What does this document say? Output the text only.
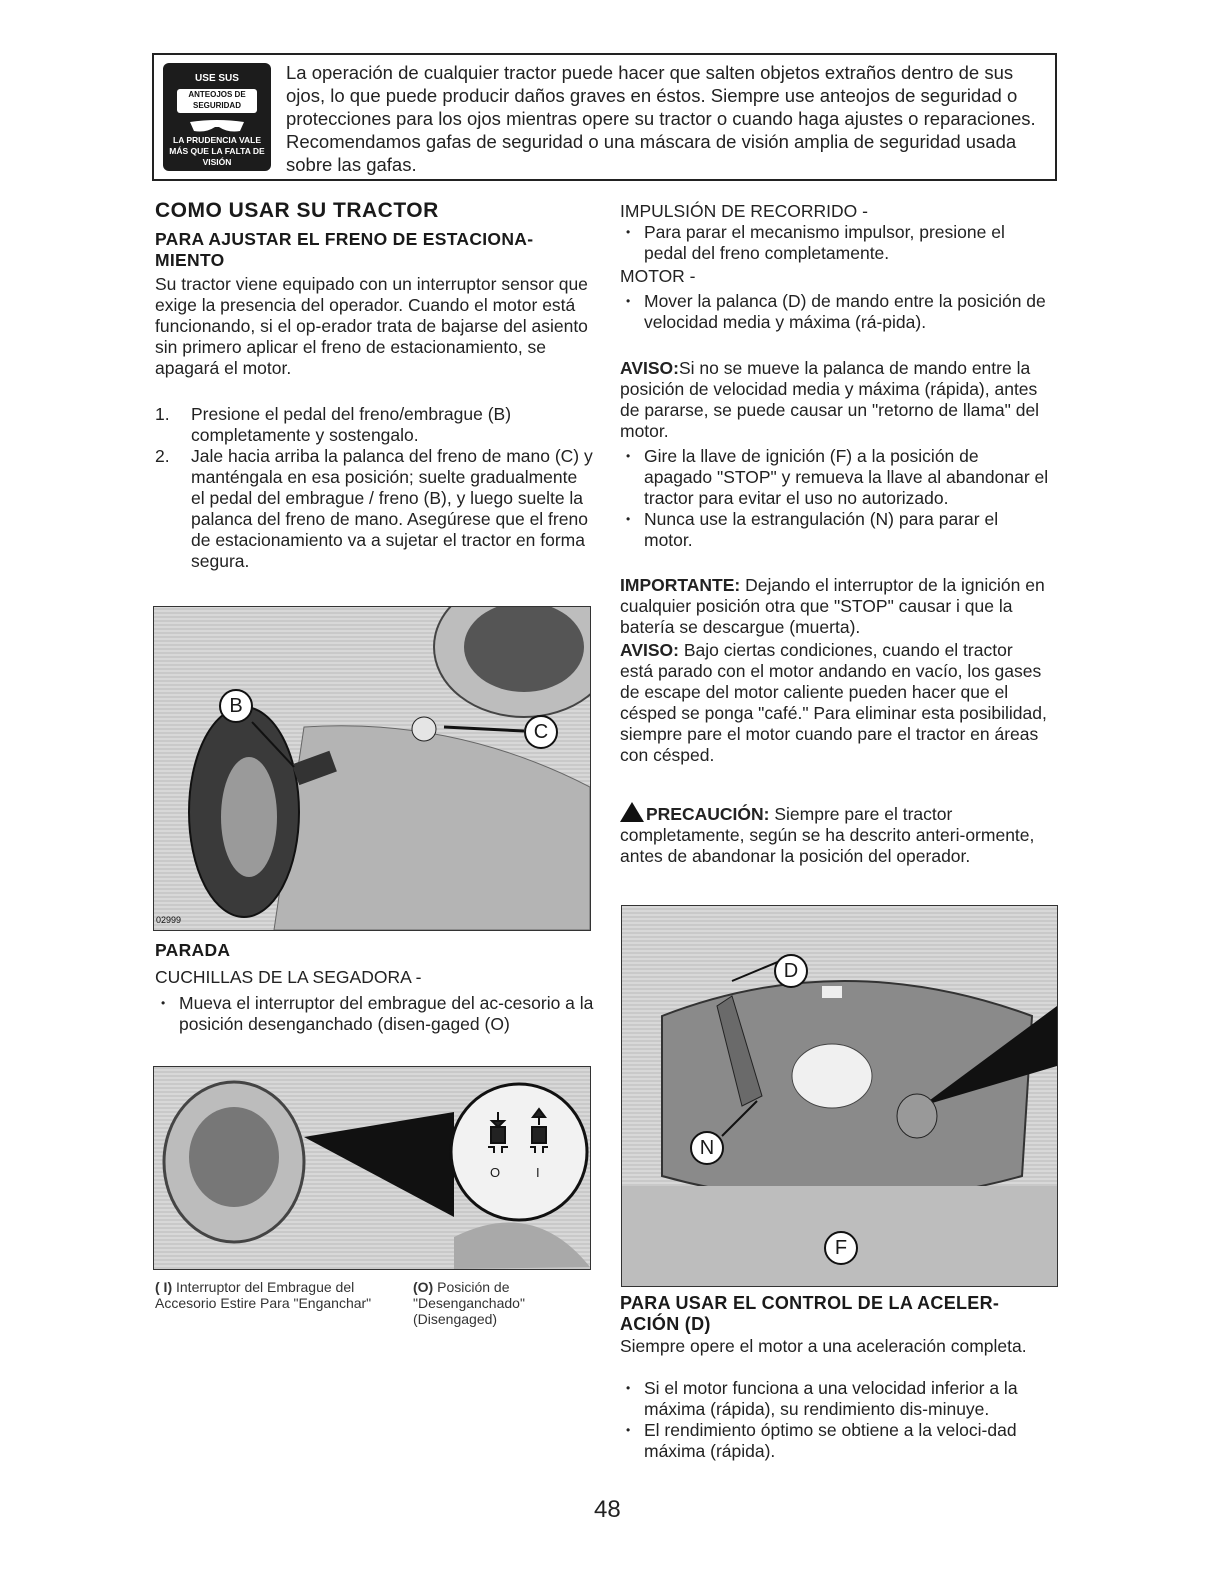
USE SUS
ANTEOJOS DE SEGURIDAD
LA PRUDENCIA VALE MÁS QUE LA FALTA DE VISIÓN
La operación de cualquier tractor puede hacer que salten objetos extraños dentro de sus ojos, lo que puede producir daños graves en éstos. Siempre use anteojos de seguridad o protecciones para los ojos mientras opere su tractor o cuando haga ajustes o reparaciones. Recomendamos gafas de seguridad o una máscara de visión amplia de seguridad usada sobre las gafas.
COMO USAR SU TRACTOR
PARA AJUSTAR EL FRENO DE ESTACIONA-MIENTO
Su tractor viene equipado con un interruptor sensor que exige la presencia del operador. Cuando el motor está funcionando, si el op-erador trata de bajarse del asiento sin primero aplicar el freno de estacionamiento, se apagará el motor.
1. Presione el pedal del freno/embrague (B) completamente y sostengalo.
2. Jale hacia arriba la palanca del freno de mano (C) y manténgala en esa posición; suelte gradualmente el pedal del embrague / freno (B), y luego suelte la palanca del freno de mano. Asegúrese que el freno de estacionamiento va a sujetar el tractor en forma segura.
B
C
02999
PARADA
CUCHILLAS DE LA SEGADORA -
• Mueva el interruptor del embrague del ac-cesorio a la posición desenganchado (disen-gaged (O)
O	I
( I) Interruptor del Embrague del Accesorio Estire Para "Enganchar"
(O) Posición de "Desenganchado" (Disengaged)
IMPULSIÓN DE RECORRIDO -
• Para parar el mecanismo impulsor, presione el pedal del freno completamente.
MOTOR -
• Mover la palanca (D) de mando entre la posición de velocidad media y máxima (rá-pida).
AVISO:Si no se mueve la palanca de mando entre la posición de velocidad media y máxima (rápida), antes de pararse, se puede causar un "retorno de llama" del motor.
• Gire la llave de ignición (F) a la posición de apagado "STOP" y remueva la llave al abandonar el tractor para evitar el uso no autorizado.
• Nunca use la estrangulación (N) para parar el motor.
IMPORTANTE: Dejando el interruptor de la ignición en cualquier posición otra que "STOP" causar i que la batería se descargue (muerta).
AVISO: Bajo ciertas condiciones, cuando el tractor está parado con el motor andando en vacío, los gases de escape del motor caliente pueden hacer que el césped se ponga "café." Para eliminar esta posibilidad, siempre pare el motor cuando pare el tractor en áreas con césped.
PRECAUCIÓN: Siempre pare el tractor completamente, según se ha descrito anteri-ormente, antes de abandonar la posición del operador.
D
N
F
PARA USAR EL CONTROL DE LA ACELER-ACIÓN (D)
Siempre opere el motor a una aceleración completa.
• Si el motor funciona a una velocidad inferior a la máxima (rápida), su rendimiento dis-minuye.
• El rendimiento óptimo se obtiene a la veloci-dad máxima (rápida).
48
